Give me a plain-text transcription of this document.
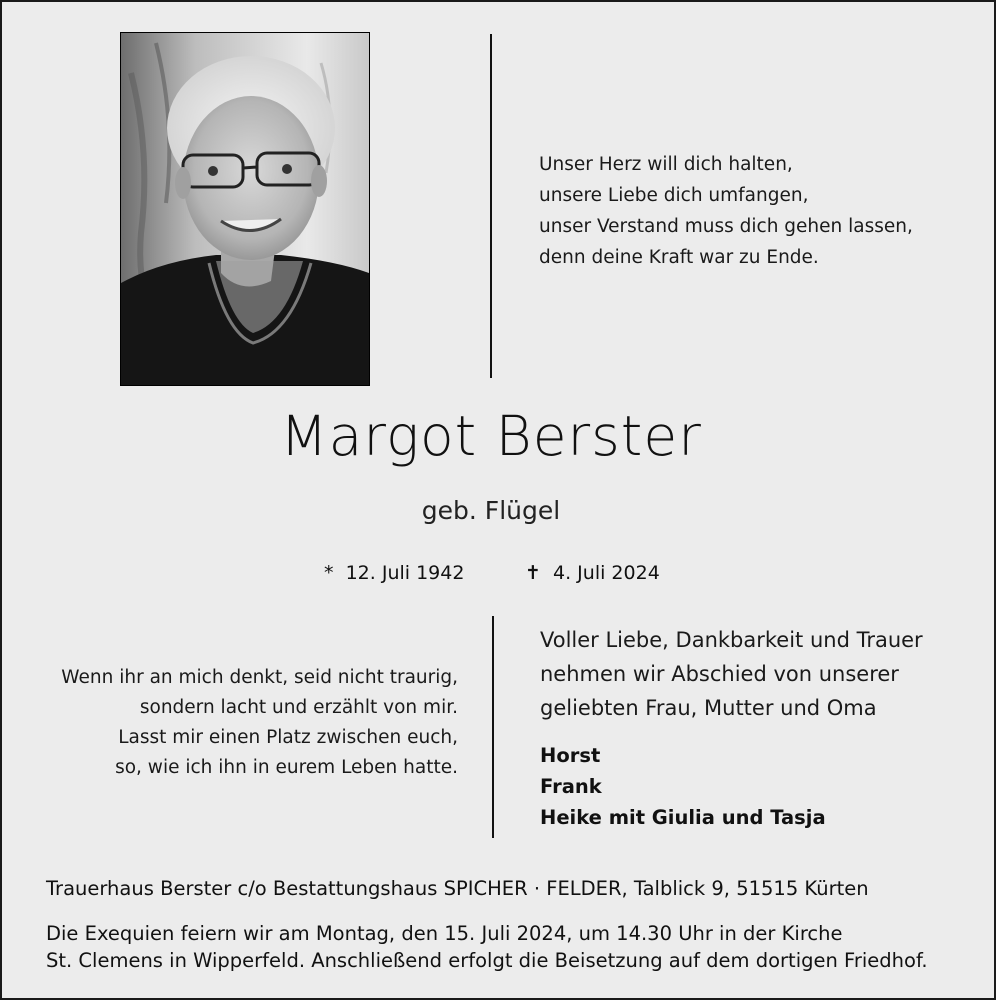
Unser Herz will dich halten,
unsere Liebe dich umfangen,
unser Verstand muss dich gehen lassen,
denn deine Kraft war zu Ende.
Margot Berster
geb. Flügel
* 12. Juli 1942	✝ 4. Juli 2024
Wenn ihr an mich denkt, seid nicht traurig,
sondern lacht und erzählt von mir.
Lasst mir einen Platz zwischen euch,
so, wie ich ihn in eurem Leben hatte.
Voller Liebe, Dankbarkeit und Trauer
nehmen wir Abschied von unserer
geliebten Frau, Mutter und Oma
Horst
Frank
Heike mit Giulia und Tasja
Trauerhaus Berster c/o Bestattungshaus SPICHER · FELDER, Talblick 9, 51515 Kürten
Die Exequien feiern wir am Montag, den 15. Juli 2024, um 14.30 Uhr in der Kirche
St. Clemens in Wipperfeld. Anschließend erfolgt die Beisetzung auf dem dortigen Friedhof.
